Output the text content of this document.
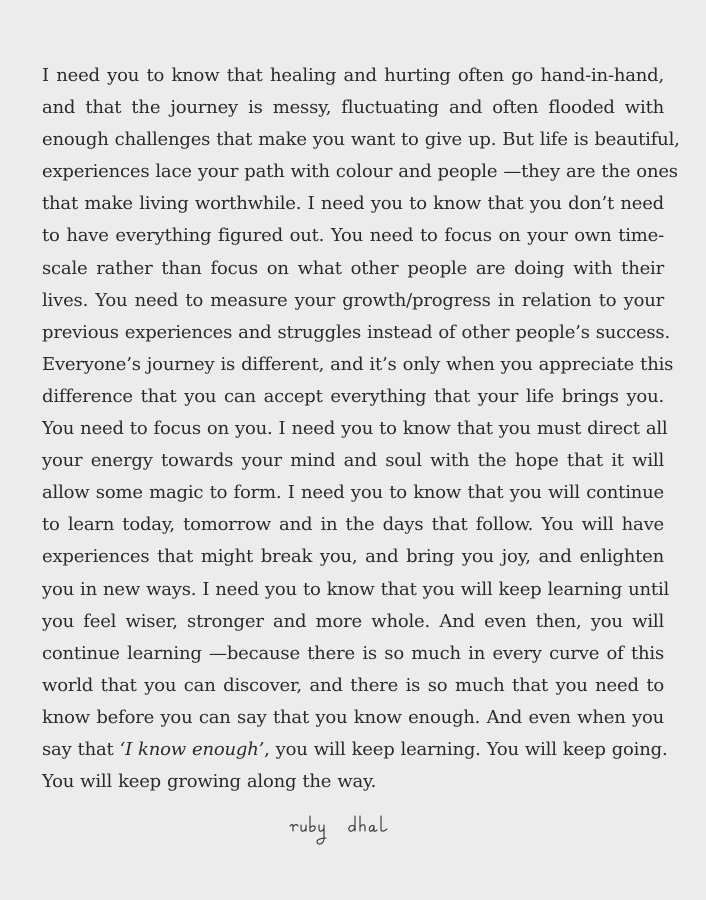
I need you to know that healing and hurting often go hand-in-hand,
and that the journey is messy, fluctuating and often flooded with
enough challenges that make you want to give up. But life is beautiful,
experiences lace your path with colour and people —they are the ones
that make living worthwhile. I need you to know that you don’t need
to have everything figured out. You need to focus on your own time-
scale rather than focus on what other people are doing with their
lives. You need to measure your growth/progress in relation to your
previous experiences and struggles instead of other people’s success.
Everyone’s journey is different, and it’s only when you appreciate this
difference that you can accept everything that your life brings you.
You need to focus on you. I need you to know that you must direct all
your energy towards your mind and soul with the hope that it will
allow some magic to form. I need you to know that you will continue
to learn today, tomorrow and in the days that follow. You will have
experiences that might break you, and bring you joy, and enlighten
you in new ways. I need you to know that you will keep learning until
you feel wiser, stronger and more whole. And even then, you will
continue learning —because there is so much in every curve of this
world that you can discover, and there is so much that you need to
know before you can say that you know enough. And even when you
say that ‘I know enough’, you will keep learning. You will keep going.
You will keep growing along the way.
